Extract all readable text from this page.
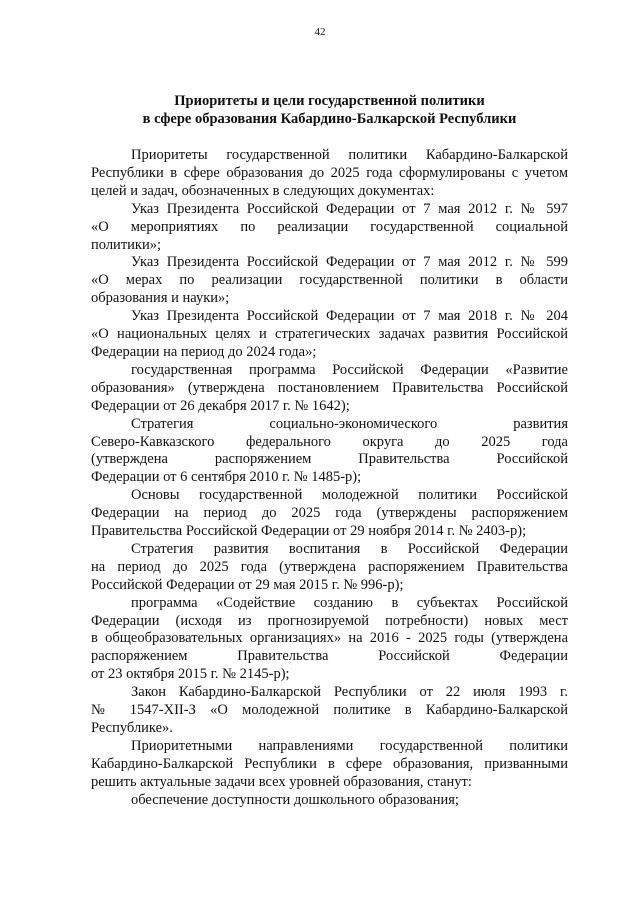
42
Приоритеты и цели государственной политики
в сфере образования Кабардино-Балкарской Республики
Приоритеты государственной политики Кабардино-Балкарской
Республики в сфере образования до 2025 года сформулированы с учетом
целей и задач, обозначенных в следующих документах:
Указ Президента Российской Федерации от 7 мая 2012 г. № 597
«О мероприятиях по реализации государственной социальной
политики»;
Указ Президента Российской Федерации от 7 мая 2012 г. № 599
«О мерах по реализации государственной политики в области
образования и науки»;
Указ Президента Российской Федерации от 7 мая 2018 г. № 204
«О национальных целях и стратегических задачах развития Российской
Федерации на период до 2024 года»;
государственная программа Российской Федерации «Развитие
образования» (утверждена постановлением Правительства Российской
Федерации от 26 декабря 2017 г. № 1642);
Стратегия социально-экономического развития
Северо-Кавказского федерального округа до 2025 года
(утверждена распоряжением Правительства Российской
Федерации от 6 сентября 2010 г. № 1485-р);
Основы государственной молодежной политики Российской
Федерации на период до 2025 года (утверждены распоряжением
Правительства Российской Федерации от 29 ноября 2014 г. № 2403-р);
Стратегия развития воспитания в Российской Федерации
на период до 2025 года (утверждена распоряжением Правительства
Российской Федерации от 29 мая 2015 г. № 996-р);
программа «Содействие созданию в субъектах Российской
Федерации (исходя из прогнозируемой потребности) новых мест
в общеобразовательных организациях» на 2016 - 2025 годы (утверждена
распоряжением Правительства Российской Федерации
от 23 октября 2015 г. № 2145-р);
Закон Кабардино-Балкарской Республики от 22 июля 1993 г.
№ 1547-XII-З «О молодежной политике в Кабардино-Балкарской
Республике».
Приоритетными направлениями государственной политики
Кабардино-Балкарской Республики в сфере образования, призванными
решить актуальные задачи всех уровней образования, станут:
обеспечение доступности дошкольного образования;
